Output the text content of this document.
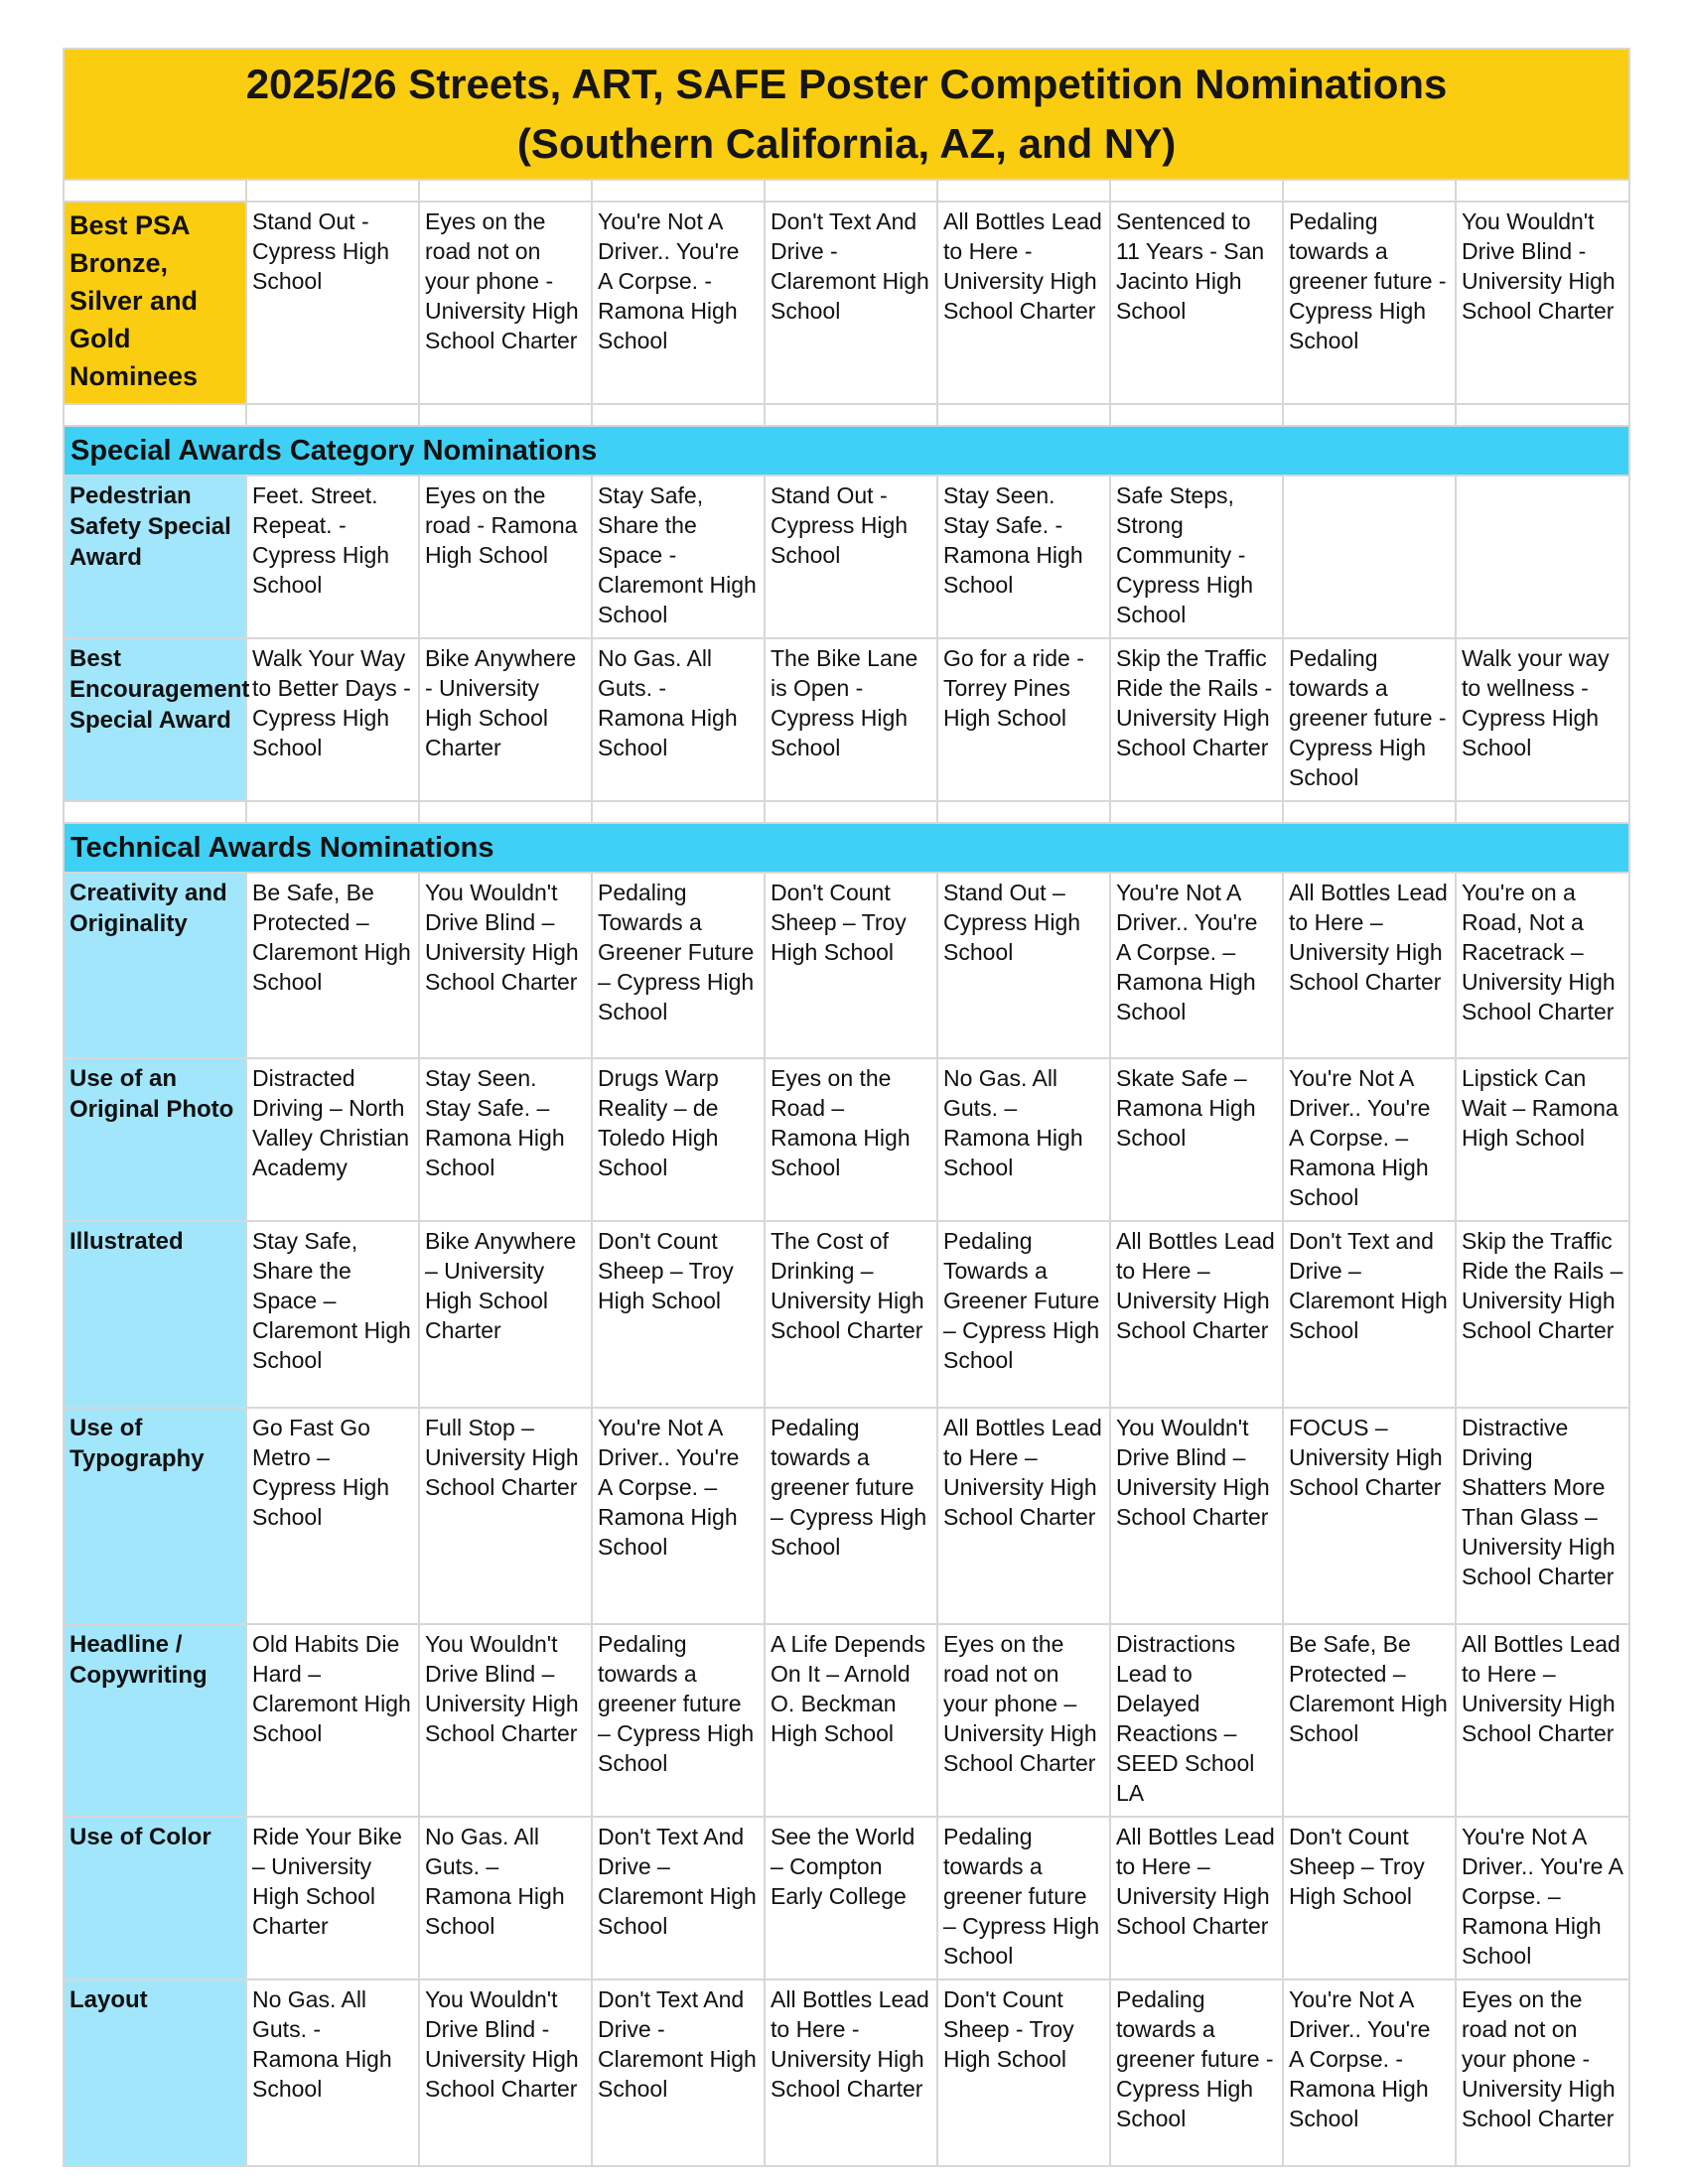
2025/26 Streets, ART, SAFE Poster Competition Nominations
(Southern California, AZ, and NY)								

Best PSA Bronze, Silver and Gold Nominees	Stand Out - Cypress High School	Eyes on the road not on your phone - University High School Charter	You're Not A Driver.. You're A Corpse. - Ramona High School	Don't Text And Drive - Claremont High School	All Bottles Lead to Here - University High School Charter	Sentenced to 11 Years - San Jacinto High School	Pedaling towards a greener future - Cypress High School	You Wouldn't Drive Blind - University High School Charter

Special Awards Category Nominations								
Pedestrian Safety Special Award	Feet. Street. Repeat. - Cypress High School	Eyes on the road - Ramona High School	Stay Safe, Share the Space - Claremont High School	Stand Out - Cypress High School	Stay Seen. Stay Safe. - Ramona High School	Safe Steps, Strong Community - Cypress High School		
Best Encouragement Special Award	Walk Your Way to Better Days - Cypress High School	Bike Anywhere - University High School Charter	No Gas. All Guts. - Ramona High School	The Bike Lane is Open - Cypress High School	Go for a ride - Torrey Pines High School	Skip the Traffic Ride the Rails - University High School Charter	Pedaling towards a greener future - Cypress High School	Walk your way to wellness - Cypress High School

Technical Awards Nominations								
Creativity and Originality	Be Safe, Be Protected – Claremont High School	You Wouldn't Drive Blind – University High School Charter	Pedaling Towards a Greener Future – Cypress High School	Don't Count Sheep – Troy High School	Stand Out – Cypress High School	You're Not A Driver.. You're A Corpse. – Ramona High School	All Bottles Lead to Here – University High School Charter	You're on a Road, Not a Racetrack – University High School Charter
Use of an Original Photo	Distracted Driving – North Valley Christian Academy	Stay Seen. Stay Safe. – Ramona High School	Drugs Warp Reality – de Toledo High School	Eyes on the Road – Ramona High School	No Gas. All Guts. – Ramona High School	Skate Safe – Ramona High School	You're Not A Driver.. You're A Corpse. – Ramona High School	Lipstick Can Wait – Ramona High School
Illustrated	Stay Safe, Share the Space – Claremont High School	Bike Anywhere – University High School Charter	Don't Count Sheep – Troy High School	The Cost of Drinking – University High School Charter	Pedaling Towards a Greener Future – Cypress High School	All Bottles Lead to Here – University High School Charter	Don't Text and Drive – Claremont High School	Skip the Traffic Ride the Rails – University High School Charter
Use of Typography	Go Fast Go Metro – Cypress High School	Full Stop – University High School Charter	You're Not A Driver.. You're A Corpse. – Ramona High School	Pedaling towards a greener future – Cypress High School	All Bottles Lead to Here – University High School Charter	You Wouldn't Drive Blind – University High School Charter	FOCUS – University High School Charter	Distractive Driving Shatters More Than Glass – University High School Charter
Headline / Copywriting	Old Habits Die Hard – Claremont High School	You Wouldn't Drive Blind – University High School Charter	Pedaling towards a greener future – Cypress High School	A Life Depends On It – Arnold O. Beckman High School	Eyes on the road not on your phone – University High School Charter	Distractions Lead to Delayed Reactions – SEED School LA	Be Safe, Be Protected – Claremont High School	All Bottles Lead to Here – University High School Charter
Use of Color	Ride Your Bike – University High School Charter	No Gas. All Guts. – Ramona High School	Don't Text And Drive – Claremont High School	See the World – Compton Early College	Pedaling towards a greener future – Cypress High School	All Bottles Lead to Here – University High School Charter	Don't Count Sheep – Troy High School	You're Not A Driver.. You're A Corpse. – Ramona High School
Layout	No Gas. All Guts. - Ramona High School	You Wouldn't Drive Blind - University High School Charter	Don't Text And Drive - Claremont High School	All Bottles Lead to Here - University High School Charter	Don't Count Sheep - Troy High School	Pedaling towards a greener future - Cypress High School	You're Not A Driver.. You're A Corpse. - Ramona High School	Eyes on the road not on your phone - University High School Charter
